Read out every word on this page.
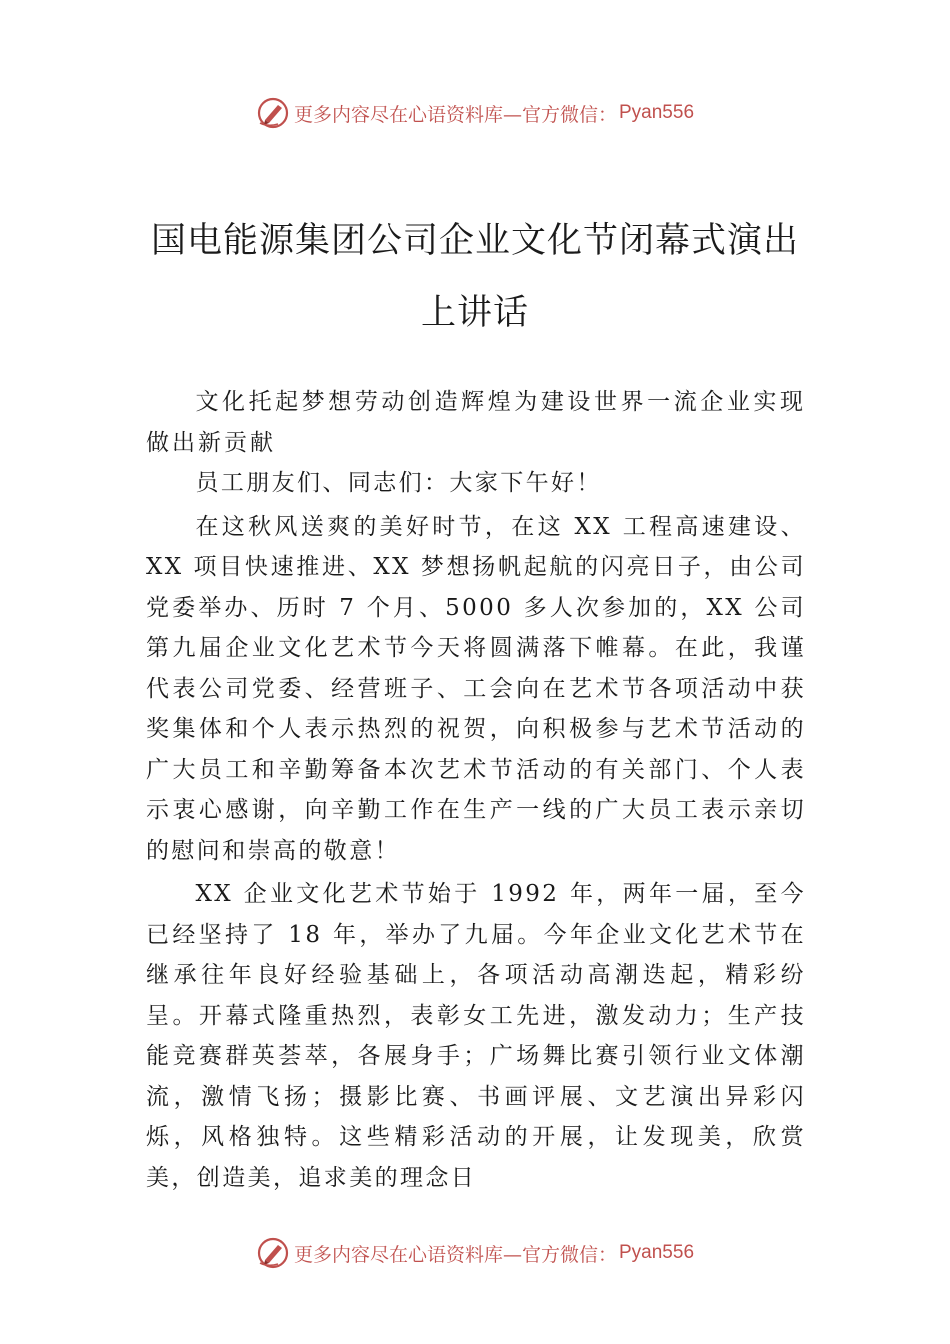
更多内容尽在心语资料库—官方微信： Pyan556
国电能源集团公司企业文化节闭幕式演出
上讲话

文化托起梦想劳动创造辉煌为建设世界一流企业实现做出新贡献

员工朋友们、同志们：大家下午好！

在这秋风送爽的美好时节，在这 XX 工程高速建设、XX 项目快速推进、XX 梦想扬帆起航的闪亮日子，由公司党委举办、历时 7 个月、5000 多人次参加的，XX 公司第九届企业文化艺术节今天将圆满落下帷幕。在此，我谨代表公司党委、经营班子、工会向在艺术节各项活动中获奖集体和个人表示热烈的祝贺，向积极参与艺术节活动的广大员工和辛勤筹备本次艺术节活动的有关部门、个人表示衷心感谢，向辛勤工作在生产一线的广大员工表示亲切的慰问和崇高的敬意！

XX 企业文化艺术节始于 1992 年，两年一届，至今已经坚持了 18 年，举办了九届。今年企业文化艺术节在继承往年良好经验基础上，各项活动高潮迭起，精彩纷呈。开幕式隆重热烈，表彰女工先进，激发动力；生产技能竞赛群英荟萃，各展身手；广场舞比赛引领行业文体潮流，激情飞扬；摄影比赛、书画评展、文艺演出异彩闪烁，风格独特。这些精彩活动的开展，让发现美，欣赏美，创造美，追求美的理念日

更多内容尽在心语资料库—官方微信： Pyan556
